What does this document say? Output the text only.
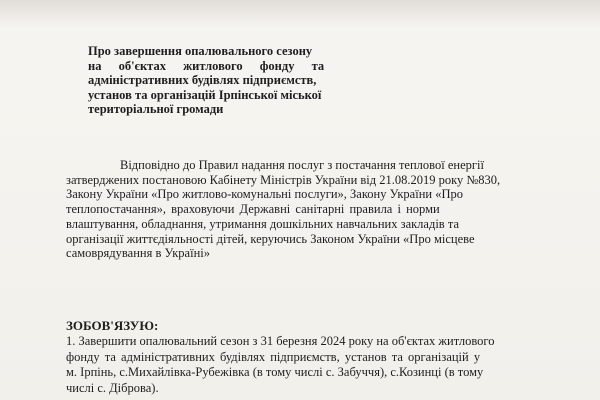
Про завершення опалювального сезону
на об'єктах житлового фонду та
адміністративних будівлях підприємств,
установ та організацій Ірпінської міської
територіальної громади
Відповідно до Правил надання послуг з постачання теплової енергії
затверджених постановою Кабінету Міністрів України від 21.08.2019 року №830,
Закону України «Про житлово-комунальні послуги», Закону України «Про
теплопостачання», враховуючи Державні санітарні правила і норми
влаштування, обладнання, утримання дошкільних навчальних закладів та
організації життєдіяльності дітей, керуючись Законом України «Про місцеве
самоврядування в Україні»
ЗОБОВ'ЯЗУЮ:
1. Завершити опалювальний сезон з 31 березня 2024 року на об'єктах житлового
фонду та адміністративних будівлях підприємств, установ та організацій у
м. Ірпінь, с.Михайлівка-Рубежівка (в тому числі с. Забуччя), с.Козинці (в тому
числі с. Діброва).
